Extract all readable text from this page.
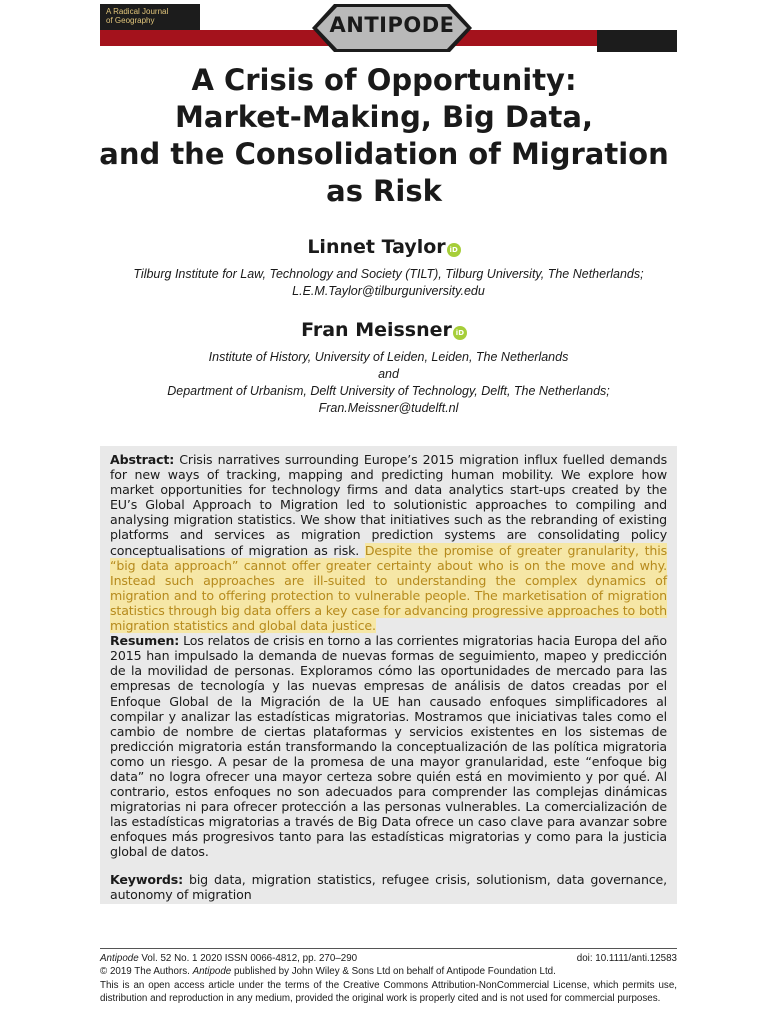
A Radical Journal
of Geography	ANTIPODE
A Crisis of Opportunity:
Market-Making, Big Data,
and the Consolidation of Migration
as Risk
Linnet Taylor iD
Tilburg Institute for Law, Technology and Society (TILT), Tilburg University, The Netherlands;
L.E.M.Taylor@tilburguniversity.edu
Fran Meissner iD
Institute of History, University of Leiden, Leiden, The Netherlands
and
Department of Urbanism, Delft University of Technology, Delft, The Netherlands;
Fran.Meissner@tudelft.nl

Abstract: Crisis narratives surrounding Europe’s 2015 migration influx fuelled demands for new ways of tracking, mapping and predicting human mobility. We explore how market opportunities for technology firms and data analytics start-ups created by the EU’s Global Approach to Migration led to solutionistic approaches to compiling and analysing migration statistics. We show that initiatives such as the rebranding of existing platforms and services as migration prediction systems are consolidating policy conceptualisations of migration as risk. Despite the promise of greater granularity, this “big data approach” cannot offer greater certainty about who is on the move and why. Instead such approaches are ill-suited to understanding the complex dynamics of migration and to offering protection to vulnerable people. The marketisation of migration statistics through big data offers a key case for advancing progressive approaches to both migration statistics and global data justice.

Resumen: Los relatos de crisis en torno a las corrientes migratorias hacia Europa del año 2015 han impulsado la demanda de nuevas formas de seguimiento, mapeo y predicción de la movilidad de personas. Exploramos cómo las oportunidades de mercado para las empresas de tecnología y las nuevas empresas de análisis de datos creadas por el Enfoque Global de la Migración de la UE han causado enfoques simplificadores al compilar y analizar las estadísticas migratorias. Mostramos que iniciativas tales como el cambio de nombre de ciertas plataformas y servicios existentes en los sistemas de predicción migratoria están transformando la conceptualización de las política migratoria como un riesgo. A pesar de la promesa de una mayor granularidad, este “enfoque big data” no logra ofrecer una mayor certeza sobre quién está en movimiento y por qué. Al contrario, estos enfoques no son adecuados para comprender las complejas dinámicas migratorias ni para ofrecer protección a las personas vulnerables. La comercialización de las estadísticas migratorias a través de Big Data ofrece un caso clave para avanzar sobre enfoques más progresivos tanto para las estadísticas migratorias y como para la justicia global de datos.

Keywords: big data, migration statistics, refugee crisis, solutionism, data governance, autonomy of migration

Antipode Vol. 52 No. 1 2020 ISSN 0066-4812, pp. 270–290	doi: 10.1111/anti.12583
© 2019 The Authors. Antipode published by John Wiley & Sons Ltd on behalf of Antipode Foundation Ltd.
This is an open access article under the terms of the Creative Commons Attribution-NonCommercial License, which permits use, distribution and reproduction in any medium, provided the original work is properly cited and is not used for commercial purposes.
